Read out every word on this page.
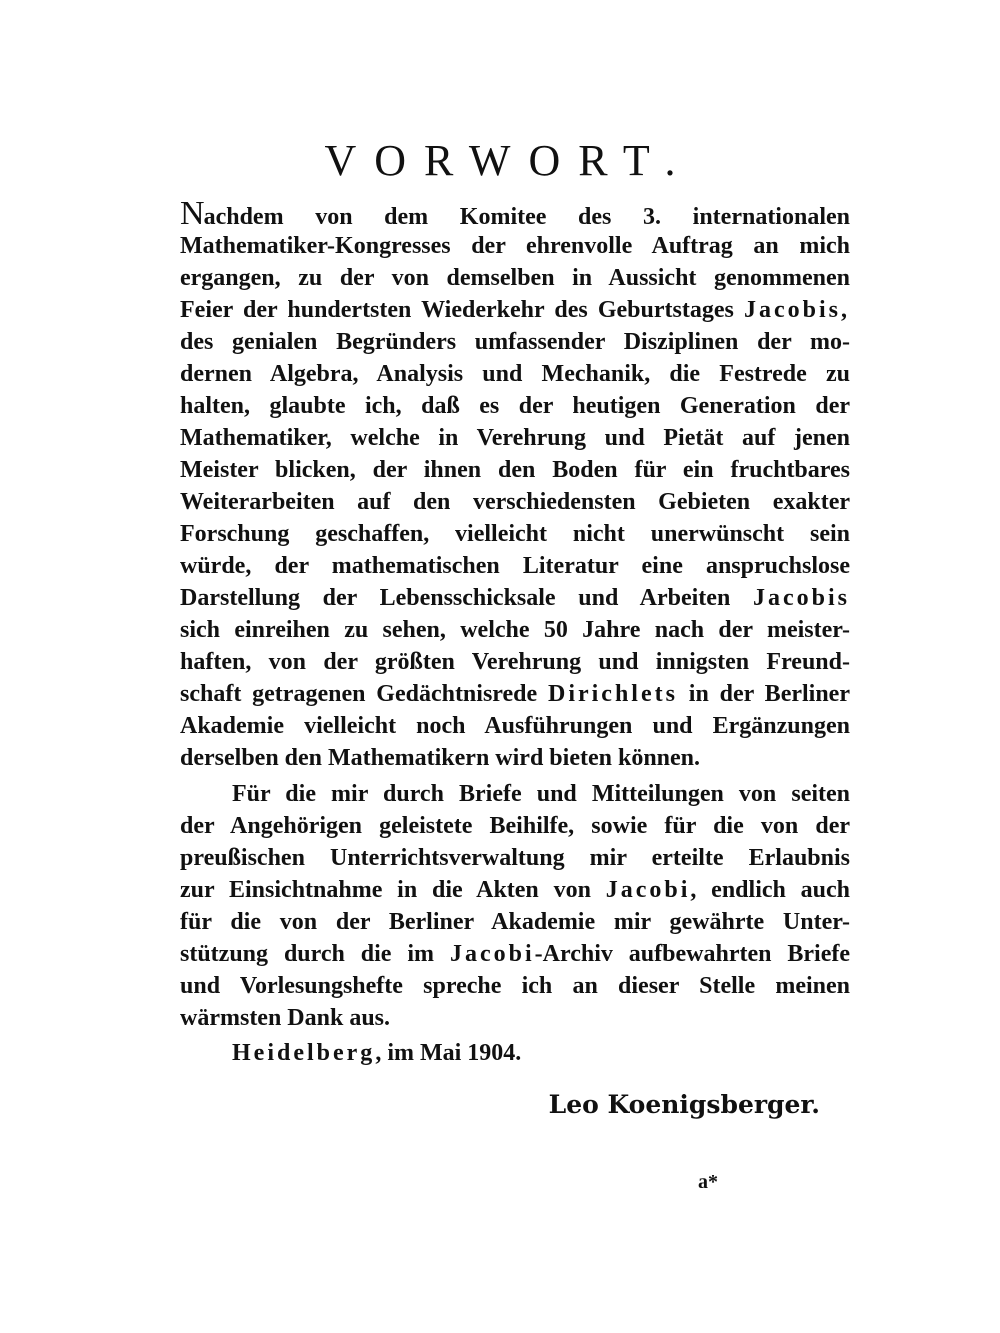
VORWORT.
Nachdem von dem Komitee des 3. internationalen
Mathematiker-Kongresses der ehrenvolle Auftrag an mich
ergangen, zu der von demselben in Aussicht genommenen
Feier der hundertsten Wiederkehr des Geburtstages Jacobis,
des genialen Begründers umfassender Disziplinen der mo-
dernen Algebra, Analysis und Mechanik, die Festrede zu
halten, glaubte ich, daß es der heutigen Generation der
Mathematiker, welche in Verehrung und Pietät auf jenen
Meister blicken, der ihnen den Boden für ein fruchtbares
Weiterarbeiten auf den verschiedensten Gebieten exakter
Forschung geschaffen, vielleicht nicht unerwünscht sein
würde, der mathematischen Literatur eine anspruchslose
Darstellung der Lebensschicksale und Arbeiten Jacobis
sich einreihen zu sehen, welche 50 Jahre nach der meister-
haften, von der größten Verehrung und innigsten Freund-
schaft getragenen Gedächtnisrede Dirichlets in der Berliner
Akademie vielleicht noch Ausführungen und Ergänzungen
derselben den Mathematikern wird bieten können.
Für die mir durch Briefe und Mitteilungen von seiten
der Angehörigen geleistete Beihilfe, sowie für die von der
preußischen Unterrichtsverwaltung mir erteilte Erlaubnis
zur Einsichtnahme in die Akten von Jacobi, endlich auch
für die von der Berliner Akademie mir gewährte Unter-
stützung durch die im Jacobi-Archiv aufbewahrten Briefe
und Vorlesungshefte spreche ich an dieser Stelle meinen
wärmsten Dank aus.
Heidelberg, im Mai 1904.
Leo Koenigsberger.
a*
